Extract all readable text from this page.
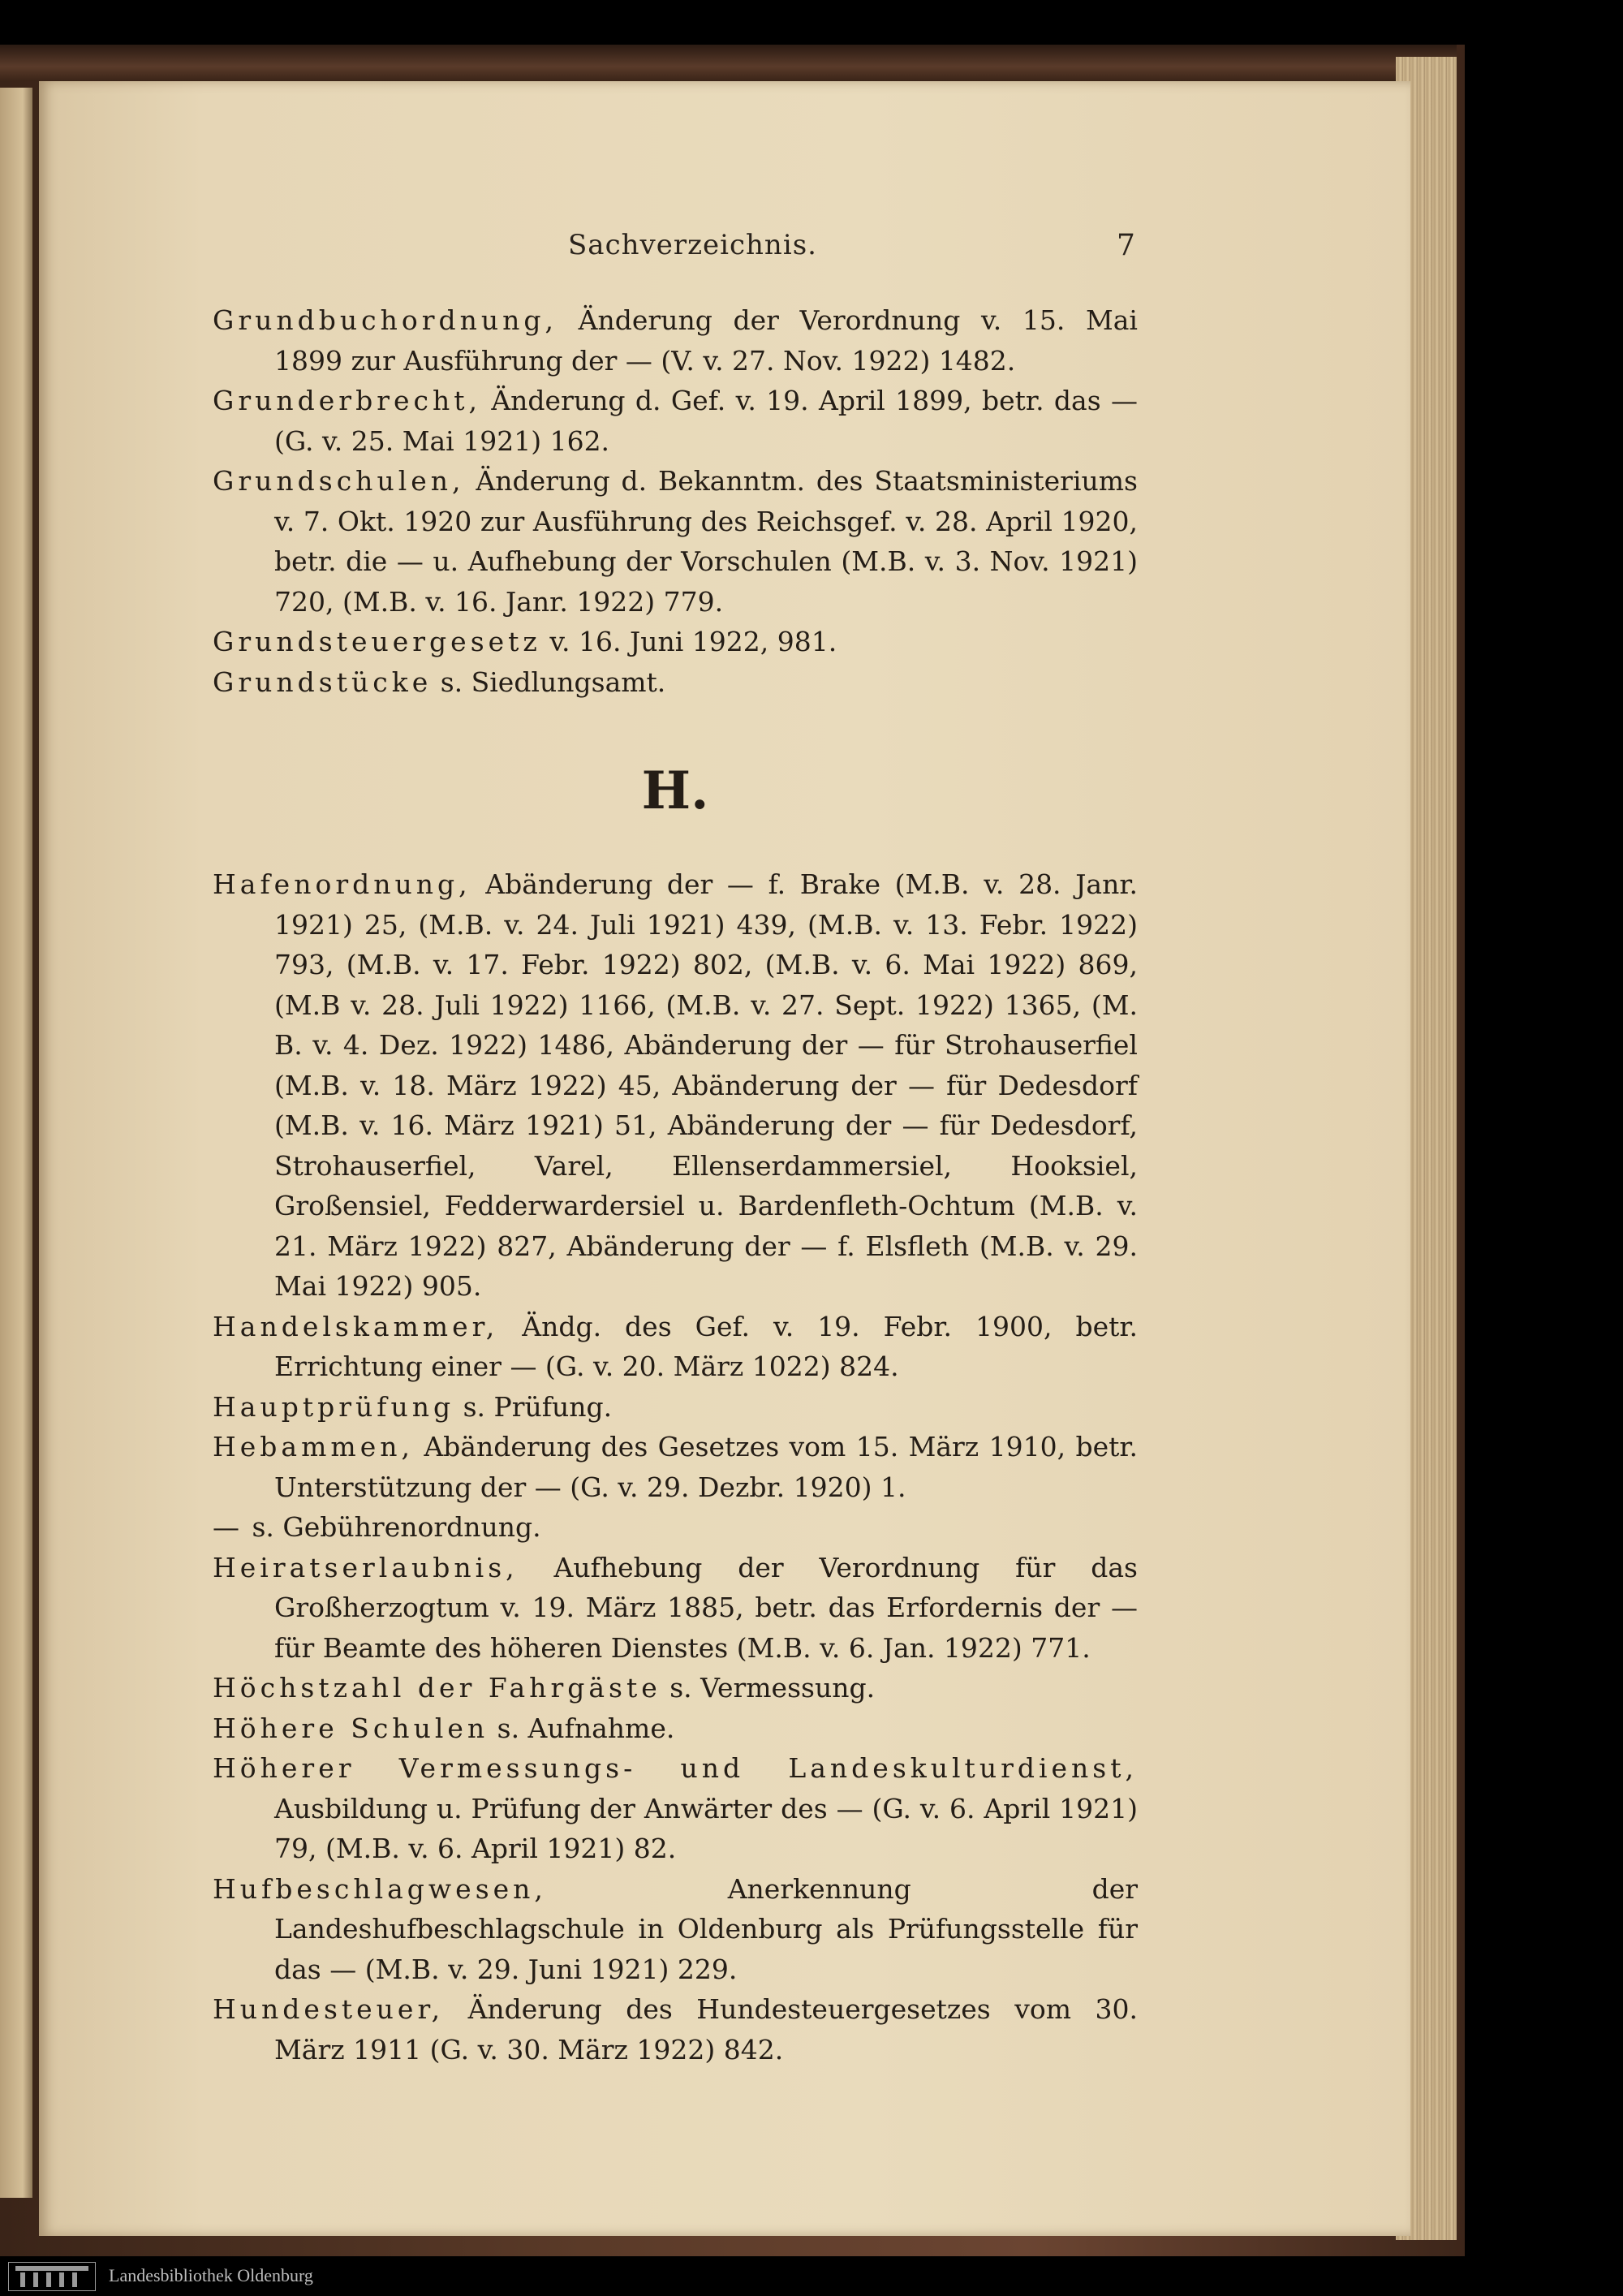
Sachverzeichnis.	7

Grundbuchordnung, Änderung der Verordnung v. 15. Mai 1899 zur Ausführung der — (V. v. 27. Nov. 1922) 1482.

Grunderbrecht, Änderung d. Gef. v. 19. April 1899, betr. das — (G. v. 25. Mai 1921) 162.

Grundschulen, Änderung d. Bekanntm. des Staatsministeriums v. 7. Okt. 1920 zur Ausführung des Reichsgef. v. 28. April 1920, betr. die — u. Aufhebung der Vorschulen (M.B. v. 3. Nov. 1921) 720, (M.B. v. 16. Janr. 1922) 779.

Grundsteuergesetz v. 16. Juni 1922, 981.

Grundstücke s. Siedlungsamt.

H.

Hafenordnung, Abänderung der — f. Brake (M.B. v. 28. Janr. 1921) 25, (M.B. v. 24. Juli 1921) 439, (M.B. v. 13. Febr. 1922) 793, (M.B. v. 17. Febr. 1922) 802, (M.B. v. 6. Mai 1922) 869, (M.B v. 28. Juli 1922) 1166, (M.B. v. 27. Sept. 1922) 1365, (M. B. v. 4. Dez. 1922) 1486, Abänderung der — für Strohauserfiel (M.B. v. 18. März 1922) 45, Abänderung der — für Dedesdorf (M.B. v. 16. März 1921) 51, Abänderung der — für Dedesdorf, Strohauserfiel, Varel, Ellenserdammersiel, Hooksiel, Großensiel, Fedderwardersiel u. Bardenfleth-Ochtum (M.B. v. 21. März 1922) 827, Abänderung der — f. Elsfleth (M.B. v. 29. Mai 1922) 905.

Handelskammer, Ändg. des Gef. v. 19. Febr. 1900, betr. Errichtung einer — (G. v. 20. März 1022) 824.

Hauptprüfung s. Prüfung.

Hebammen, Abänderung des Gesetzes vom 15. März 1910, betr. Unterstützung der — (G. v. 29. Dezbr. 1920) 1.

— s. Gebührenordnung.

Heiratserlaubnis, Aufhebung der Verordnung für das Großherzogtum v. 19. März 1885, betr. das Erfordernis der — für Beamte des höheren Dienstes (M.B. v. 6. Jan. 1922) 771.

Höchstzahl der Fahrgäste s. Vermessung.

Höhere Schulen s. Aufnahme.

Höherer Vermessungs- und Landeskulturdienst, Ausbildung u. Prüfung der Anwärter des — (G. v. 6. April 1921) 79, (M.B. v. 6. April 1921) 82.

Hufbeschlagwesen, Anerkennung der Landeshufbeschlagschule in Oldenburg als Prüfungsstelle für das — (M.B. v. 29. Juni 1921) 229.

Hundesteuer, Änderung des Hundesteuergesetzes vom 30. März 1911 (G. v. 30. März 1922) 842.

Landesbibliothek Oldenburg
